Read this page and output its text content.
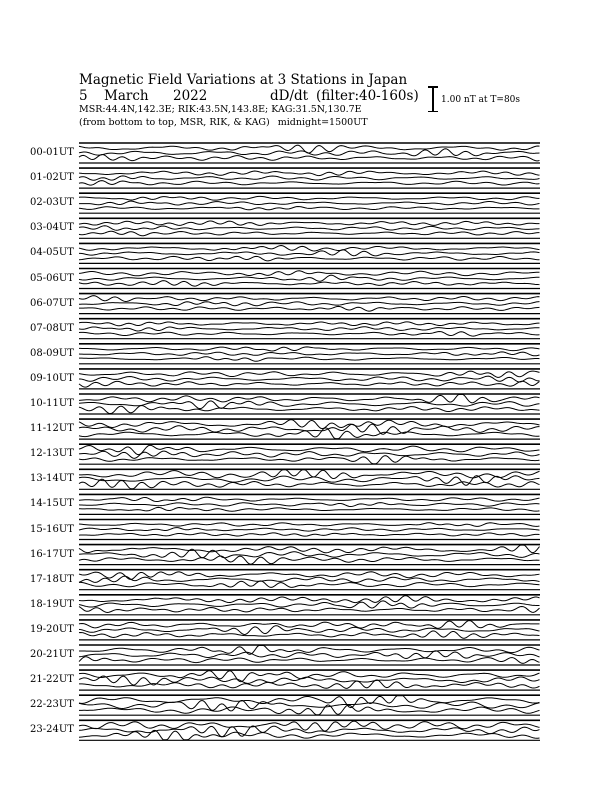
Magnetic Field Variations at 3 Stations in Japan
5 March 2022	dD/dt (filter:40-160s)
MSR:44.4N,142.3E; RIK:43.5N,143.8E; KAG:31.5N,130.7E
(from bottom to top, MSR, RIK, & KAG) midnight=1500UT
1.00 nT at T=80s
00-01UT
01-02UT
02-03UT
03-04UT
04-05UT
05-06UT
06-07UT
07-08UT
08-09UT
09-10UT
10-11UT
11-12UT
12-13UT
13-14UT
14-15UT
15-16UT
16-17UT
17-18UT
18-19UT
19-20UT
20-21UT
21-22UT
22-23UT
23-24UT
